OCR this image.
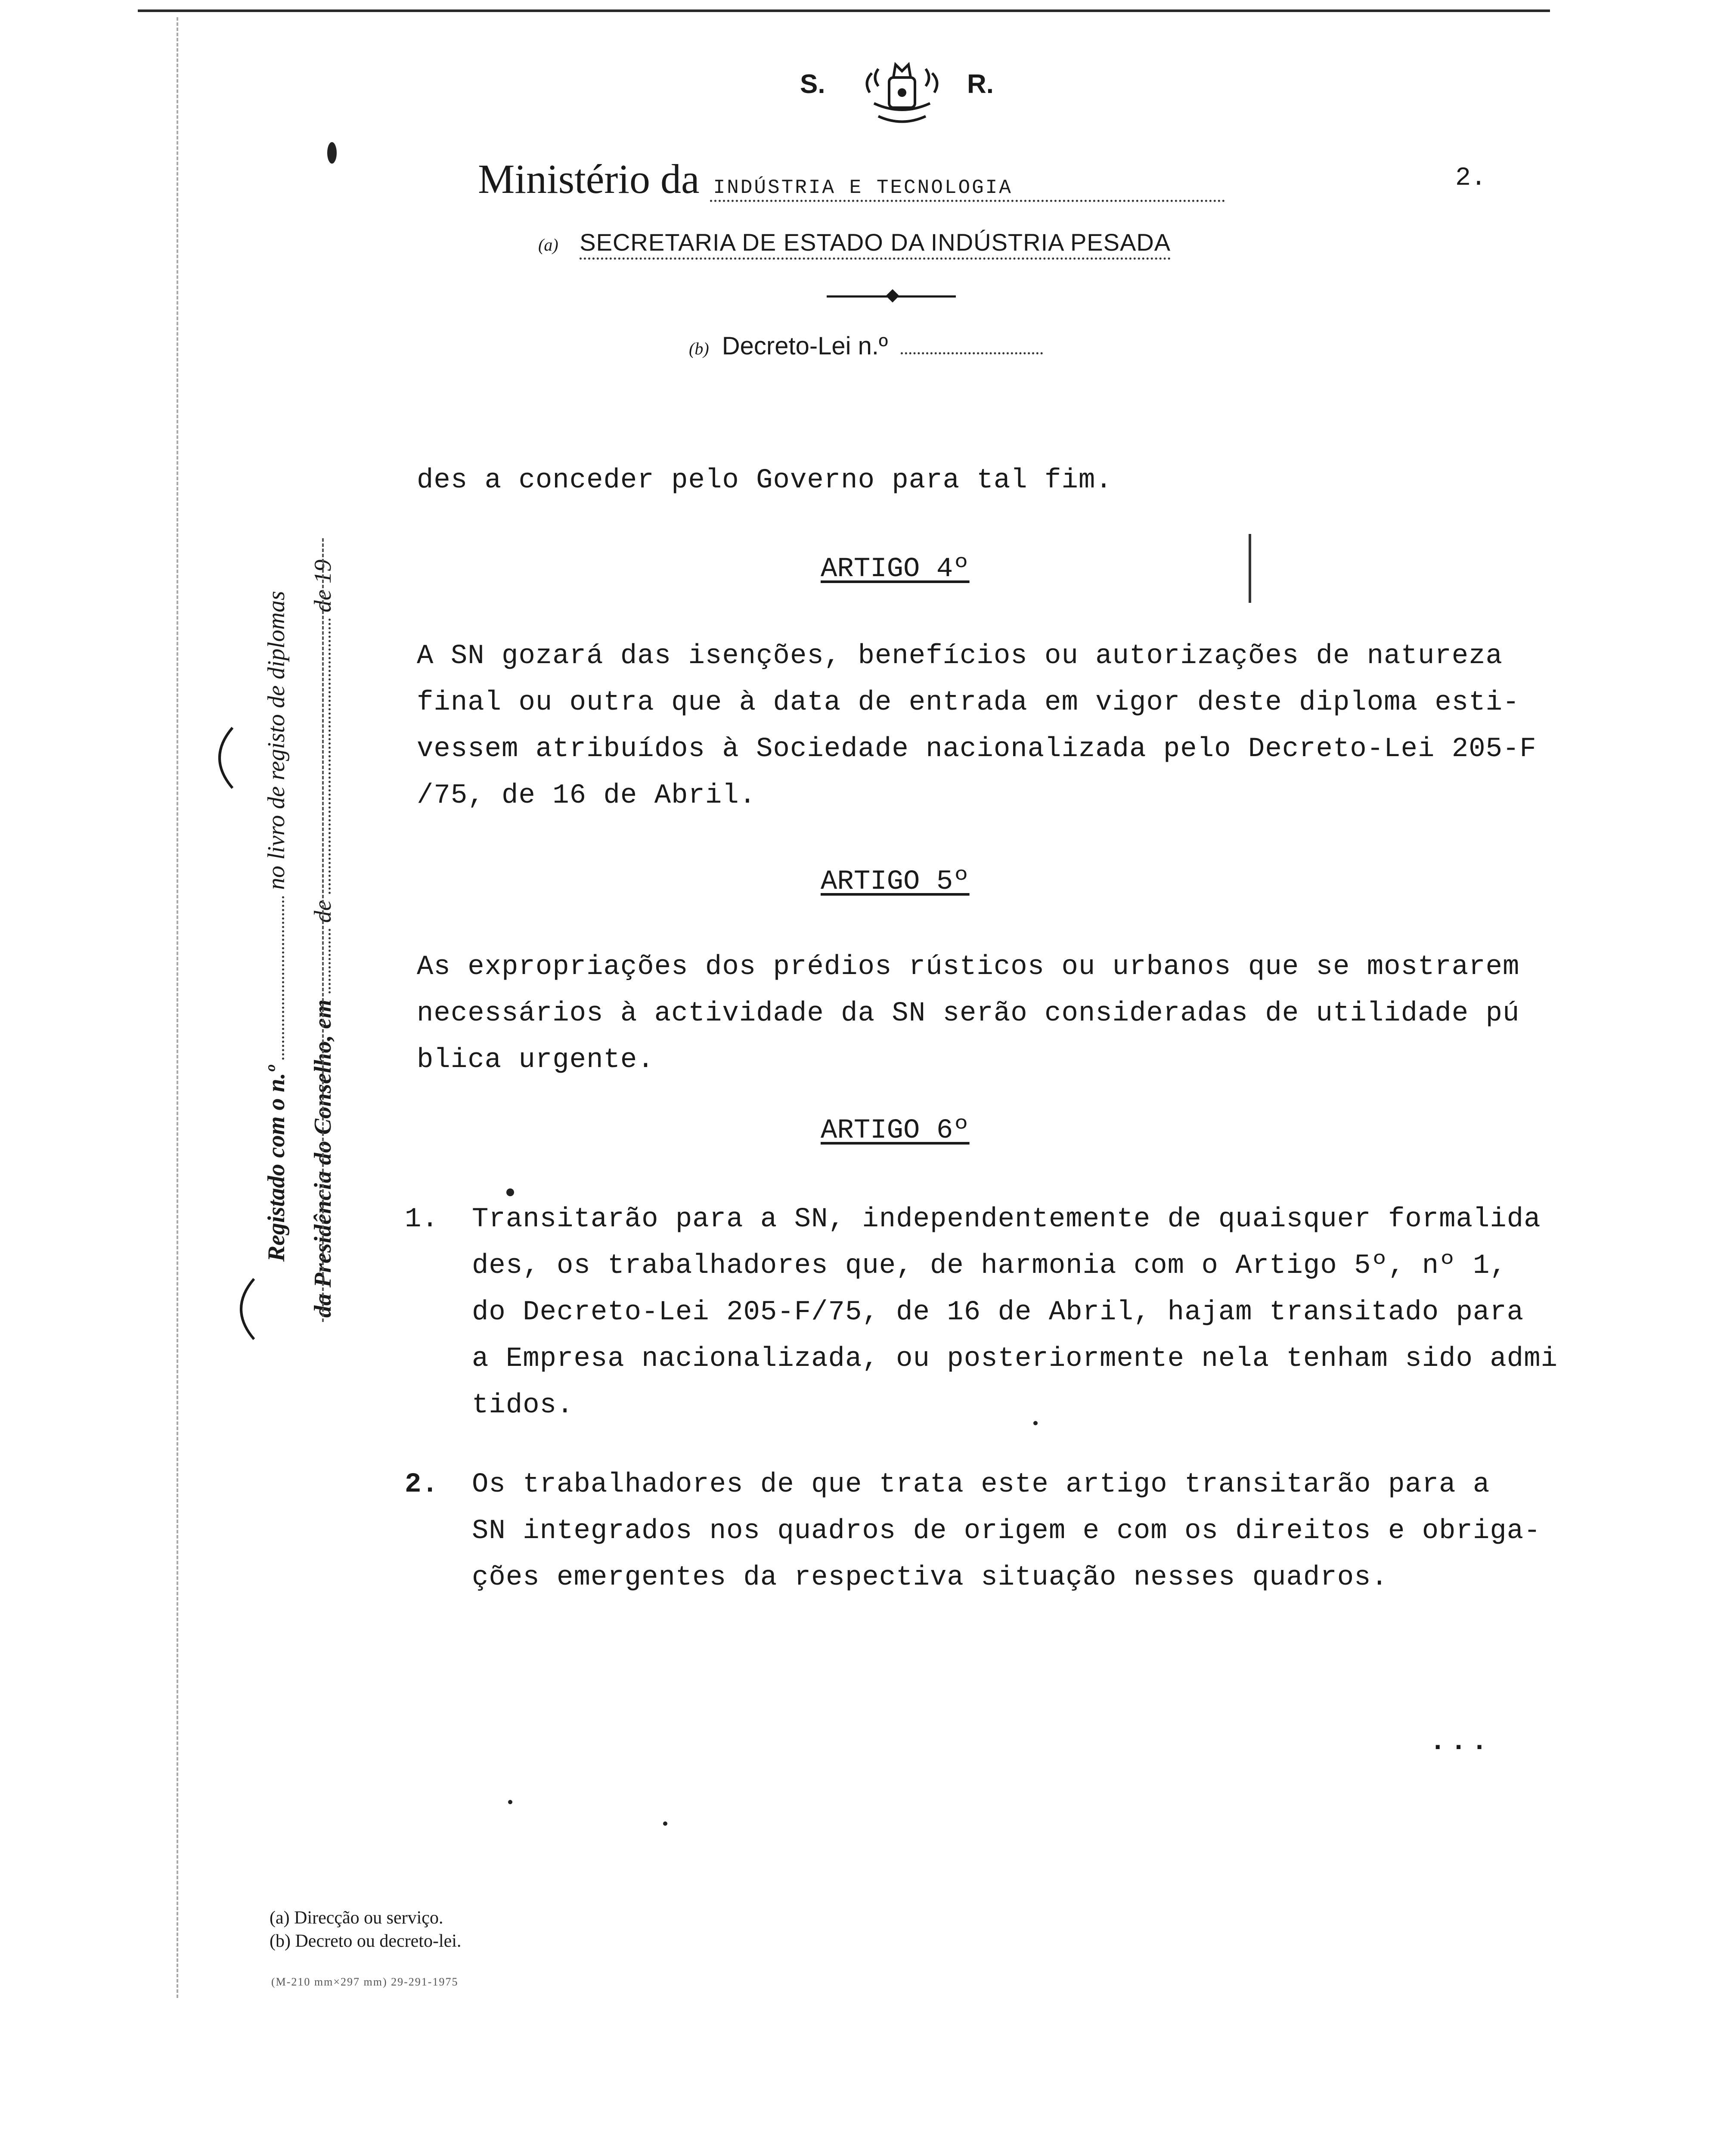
S.	R.
Ministério da INDÚSTRIA E TECNOLOGIA	2.
(a) SECRETARIA DE ESTADO DA INDÚSTRIA PESADA
(b) Decreto-Lei n.º
des a conceder pelo Governo para tal fim.
ARTIGO 4º
A SN gozará das isenções, benefícios ou autorizações de natureza
final ou outra que à data de entrada em vigor deste diploma esti-
vessem atribuídos à Sociedade nacionalizada pelo Decreto-Lei 205-F
/75, de 16 de Abril.
ARTIGO 5º
As expropriações dos prédios rústicos ou urbanos que se mostrarem
necessários à actividade da SN serão consideradas de utilidade pú
blica urgente.
ARTIGO 6º
1. Transitarão para a SN, independentemente de quaisquer formalida
des, os trabalhadores que, de harmonia com o Artigo 5º, nº 1,
do Decreto-Lei 205-F/75, de 16 de Abril, hajam transitado para
a Empresa nacionalizada, ou posteriormente nela tenham sido admi
tidos.
2. Os trabalhadores de que trata este artigo transitarão para a
SN integrados nos quadros de origem e com os direitos e obriga-
ções emergentes da respectiva situação nesses quadros.
...
Registado com o n.º  no livro de registo de diplomas
da Presidência do Conselho, em  de  de 19
(a) Direcção ou serviço.
(b) Decreto ou decreto-lei.
(M-210 mm×297 mm) 29-291-1975
